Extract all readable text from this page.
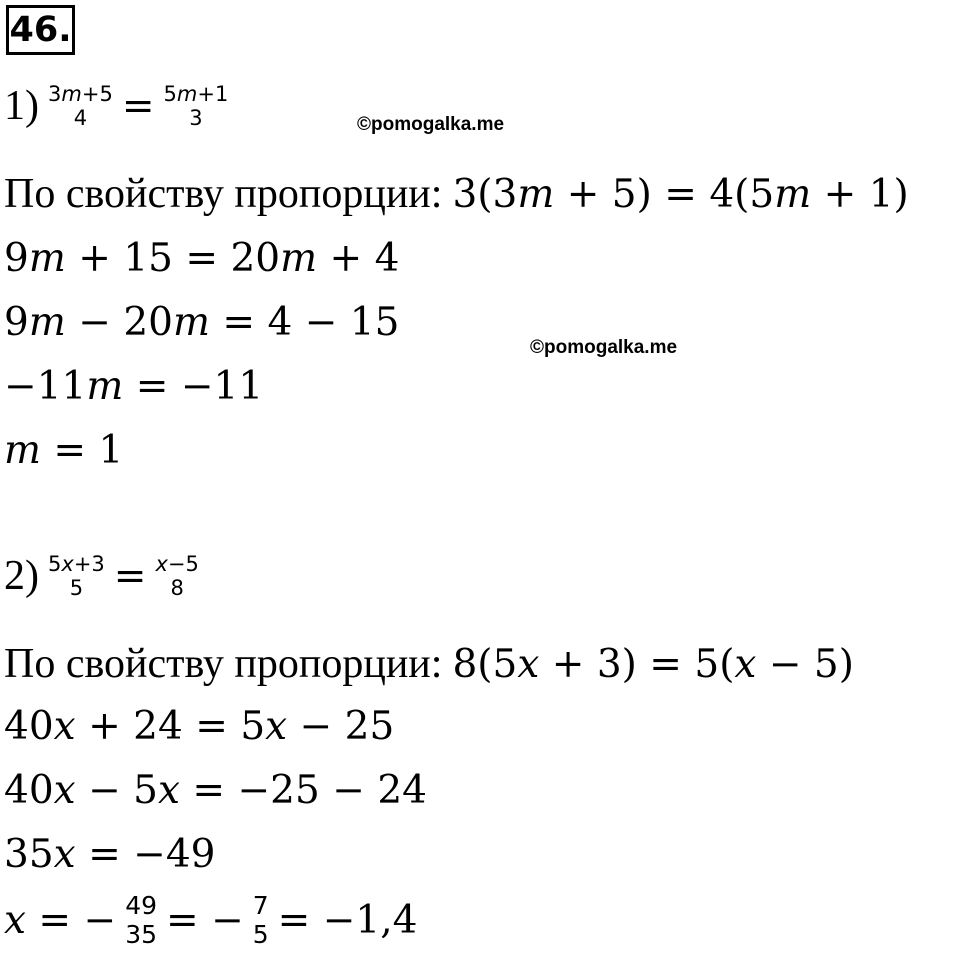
46.
1) 3m+5
4 = 5m+1
3	©pomogalka.me
По свойству пропорции: 3(3m + 5) = 4(5m + 1)
9m + 15 = 20m + 4
9m − 20m = 4 − 15
©pomogalka.me
−11m = −11
m = 1
2) 5x+3
5 = x−5
8
По свойству пропорции: 8(5x + 3) = 5(x − 5)
40x + 24 = 5x − 25
40x − 5x = −25 − 24
35x = −49
x = − 49
35 = − 7
5 = −1,4
